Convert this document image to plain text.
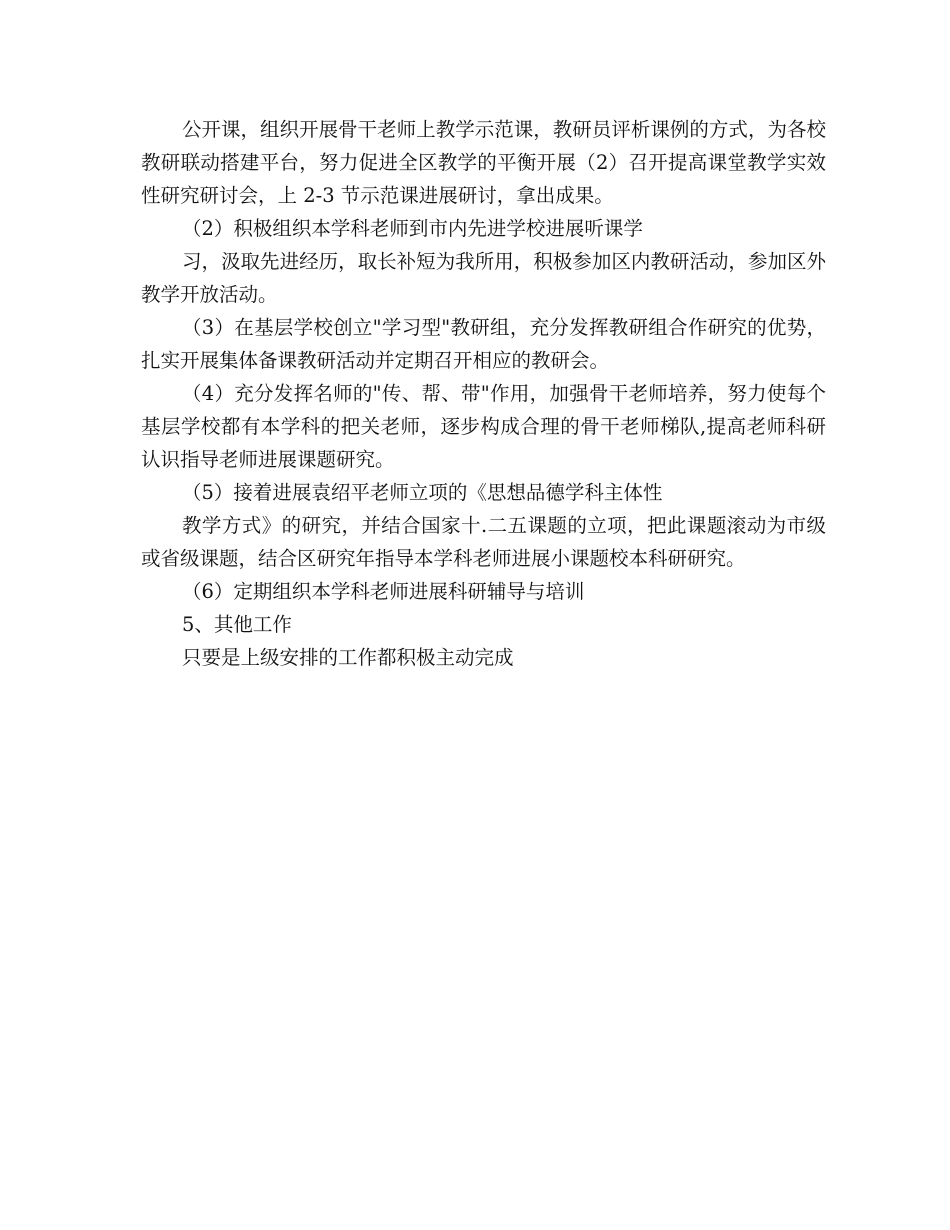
公开课，组织开展骨干老师上教学示范课，教研员评析课例的方式，为各校教研联动搭建平台，努力促进全区教学的平衡开展（2）召开提高课堂教学实效性研究研讨会，上 2-3 节示范课进展研讨，拿出成果。

（2）积极组织本学科老师到市内先进学校进展听课学

习，汲取先进经历，取长补短为我所用，积极参加区内教研活动，参加区外教学开放活动。

（3）在基层学校创立"学习型"教研组，充分发挥教研组合作研究的优势，扎实开展集体备课教研活动并定期召开相应的教研会。

（4）充分发挥名师的"传、帮、带"作用，加强骨干老师培养，努力使每个基层学校都有本学科的把关老师，逐步构成合理的骨干老师梯队,提高老师科研认识指导老师进展课题研究。

（5）接着进展袁绍平老师立项的《思想品德学科主体性

教学方式》的研究，并结合国家十.二五课题的立项，把此课题滚动为市级或省级课题，结合区研究年指导本学科老师进展小课题校本科研研究。

（6）定期组织本学科老师进展科研辅导与培训

5、其他工作

只要是上级安排的工作都积极主动完成
